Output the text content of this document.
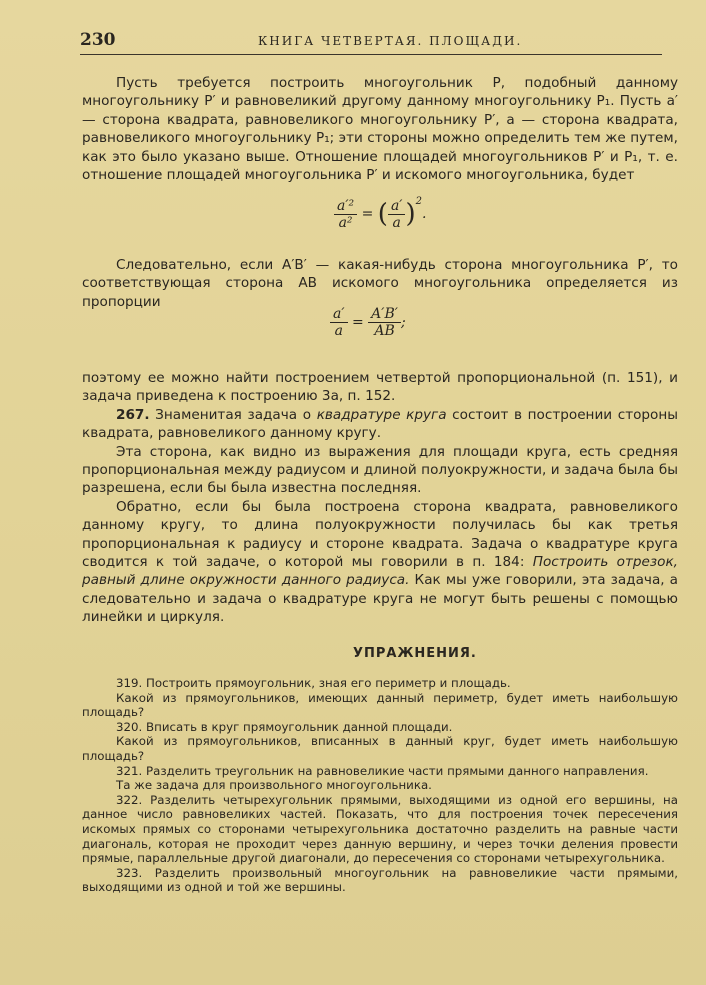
230	КНИГА ЧЕТВЕРТАЯ. ПЛОЩАДИ.

Пусть требуется построить многоугольник P, подобный данному многоугольнику P′ и равновеликий другому данному многоугольнику P₁. Пусть a′ — сторона квадрата, равновеликого многоугольнику P′, a — сторона квадрата, равновеликого многоугольнику P₁; эти стороны можно определить тем же путем, как это было указано выше. Отношение площадей многоугольников P′ и P₁, т. е. отношение площадей многоугольника P′ и искомого многоугольника, будет

$\frac{\text{a′²}}{\text{a²}}$ = ( $\frac{a'}{a} )^2$.

Следовательно, если A′B′ — какая-нибудь сторона многоугольника P′, то соответствующая сторона AB искомого многоугольника определяется из пропорции

$\frac{a'}{a} = \frac{A'B'}{AB}$ ;

поэтому ее можно найти построением четвертой пропорциональной (п. 151), и задача приведена к построению 3а, п. 152.

267. Знаменитая задача о квадратуре круга состоит в построении стороны квадрата, равновеликого данному кругу.

Эта сторона, как видно из выражения для площади круга, есть средняя пропорциональная между радиусом и длиной полуокружности, и задача была бы разрешена, если бы была известна последняя.

Обратно, если бы была построена сторона квадрата, равновеликого данному кругу, то длина полуокружности получилась бы как третья пропорциональная к радиусу и стороне квадрата. Задача о квадратуре круга сводится к той задаче, о которой мы говорили в п. 184: Построить отрезок, равный длине окружности данного радиуса. Как мы уже говорили, эта задача, а следовательно и задача о квадратуре круга не могут быть решены с помощью линейки и циркуля.

УПРАЖНЕНИЯ.

319. Построить прямоугольник, зная его периметр и площадь.

Какой из прямоугольников, имеющих данный периметр, будет иметь наибольшую площадь?

320. Вписать в круг прямоугольник данной площади.

Какой из прямоугольников, вписанных в данный круг, будет иметь наибольшую площадь?

321. Разделить треугольник на равновеликие части прямыми данного направления.

Та же задача для произвольного многоугольника.

322. Разделить четырехугольник прямыми, выходящими из одной его вершины, на данное число равновеликих частей. Показать, что для построения точек пересечения искомых прямых со сторонами четырехугольника достаточно разделить на равные части диагональ, которая не проходит через данную вершину, и через точки деления провести прямые, параллельные другой диагонали, до пересечения со сторонами четырехугольника.

323. Разделить произвольный многоугольник на равновеликие части прямыми, выходящими из одной и той же вершины.
